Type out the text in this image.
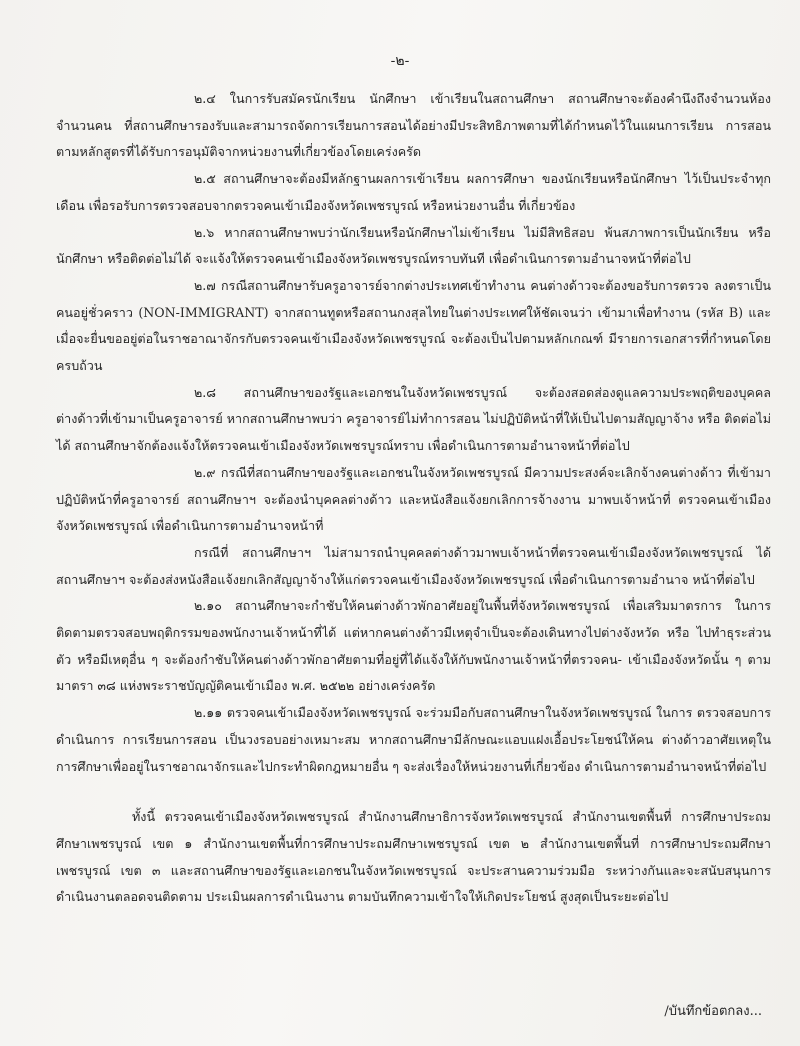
-๒-

๒.๔ ในการรับสมัครนักเรียน นักศึกษา เข้าเรียนในสถานศึกษา สถานศึกษาจะต้องคำนึงถึงจำนวนห้อง จำนวนคน ที่สถานศึกษารองรับและสามารถจัดการเรียนการสอนได้อย่างมีประสิทธิภาพตามที่ได้กำหนดไว้ในแผนการเรียน การสอนตามหลักสูตรที่ได้รับการอนุมัติจากหน่วยงานที่เกี่ยวข้องโดยเคร่งครัด

๒.๕ สถานศึกษาจะต้องมีหลักฐานผลการเข้าเรียน ผลการศึกษา ของนักเรียนหรือนักศึกษา ไว้เป็นประจำทุกเดือน เพื่อรอรับการตรวจสอบจากตรวจคนเข้าเมืองจังหวัดเพชรบูรณ์ หรือหน่วยงานอื่น ที่เกี่ยวข้อง

๒.๖ หากสถานศึกษาพบว่านักเรียนหรือนักศึกษาไม่เข้าเรียน ไม่มีสิทธิสอบ พ้นสภาพการเป็นนักเรียน หรือนักศึกษา หรือติดต่อไม่ได้ จะแจ้งให้ตรวจคนเข้าเมืองจังหวัดเพชรบูรณ์ทราบทันที เพื่อดำเนินการตามอำนาจหน้าที่ต่อไป

๒.๗ กรณีสถานศึกษารับครูอาจารย์จากต่างประเทศเข้าทำงาน คนต่างด้าวจะต้องขอรับการตรวจ ลงตราเป็นคนอยู่ชั่วคราว (NON-IMMIGRANT) จากสถานทูตหรือสถานกงสุลไทยในต่างประเทศให้ชัดเจนว่า เข้ามาเพื่อทำงาน (รหัส B) และเมื่อจะยื่นขออยู่ต่อในราชอาณาจักรกับตรวจคนเข้าเมืองจังหวัดเพชรบูรณ์ จะต้องเป็นไปตามหลักเกณฑ์ มีรายการเอกสารที่กำหนดโดยครบถ้วน

๒.๘ สถานศึกษาของรัฐและเอกชนในจังหวัดเพชรบูรณ์ จะต้องสอดส่องดูแลความประพฤติของบุคคล ต่างด้าวที่เข้ามาเป็นครูอาจารย์ หากสถานศึกษาพบว่า ครูอาจารย์ไม่ทำการสอน ไม่ปฏิบัติหน้าที่ให้เป็นไปตามสัญญาจ้าง หรือ ติดต่อไม่ได้ สถานศึกษาจักต้องแจ้งให้ตรวจคนเข้าเมืองจังหวัดเพชรบูรณ์ทราบ เพื่อดำเนินการตามอำนาจหน้าที่ต่อไป

๒.๙ กรณีที่สถานศึกษาของรัฐและเอกชนในจังหวัดเพชรบูรณ์ มีความประสงค์จะเลิกจ้างคนต่างด้าว ที่เข้ามาปฏิบัติหน้าที่ครูอาจารย์ สถานศึกษาฯ จะต้องนำบุคคลต่างด้าว และหนังสือแจ้งยกเลิกการจ้างงาน มาพบเจ้าหน้าที่ ตรวจคนเข้าเมืองจังหวัดเพชรบูรณ์ เพื่อดำเนินการตามอำนาจหน้าที่

กรณีที่ สถานศึกษาฯ ไม่สามารถนำบุคคลต่างด้าวมาพบเจ้าหน้าที่ตรวจคนเข้าเมืองจังหวัดเพชรบูรณ์ ได้ สถานศึกษาฯ จะต้องส่งหนังสือแจ้งยกเลิกสัญญาจ้างให้แก่ตรวจคนเข้าเมืองจังหวัดเพชรบูรณ์ เพื่อดำเนินการตามอำนาจ หน้าที่ต่อไป

๒.๑๐ สถานศึกษาจะกำชับให้คนต่างด้าวพักอาศัยอยู่ในพื้นที่จังหวัดเพชรบูรณ์ เพื่อเสริมมาตรการ ในการติดตามตรวจสอบพฤติกรรมของพนักงานเจ้าหน้าที่ได้ แต่หากคนต่างด้าวมีเหตุจำเป็นจะต้องเดินทางไปต่างจังหวัด หรือ ไปทำธุระส่วนตัว หรือมีเหตุอื่น ๆ จะต้องกำชับให้คนต่างด้าวพักอาศัยตามที่อยู่ที่ได้แจ้งให้กับพนักงานเจ้าหน้าที่ตรวจคน- เข้าเมืองจังหวัดนั้น ๆ ตามมาตรา ๓๘ แห่งพระราชบัญญัติคนเข้าเมือง พ.ศ. ๒๕๒๒ อย่างเคร่งครัด

๒.๑๑ ตรวจคนเข้าเมืองจังหวัดเพชรบูรณ์ จะร่วมมือกับสถานศึกษาในจังหวัดเพชรบูรณ์ ในการ ตรวจสอบการดำเนินการ การเรียนการสอน เป็นวงรอบอย่างเหมาะสม หากสถานศึกษามีลักษณะแอบแฝงเอื้อประโยชน์ให้คน ต่างด้าวอาศัยเหตุในการศึกษาเพื่ออยู่ในราชอาณาจักรและไปกระทำผิดกฎหมายอื่น ๆ จะส่งเรื่องให้หน่วยงานที่เกี่ยวข้อง ดำเนินการตามอำนาจหน้าที่ต่อไป

ทั้งนี้ ตรวจคนเข้าเมืองจังหวัดเพชรบูรณ์ สำนักงานศึกษาธิการจังหวัดเพชรบูรณ์ สำนักงานเขตพื้นที่ การศึกษาประถมศึกษาเพชรบูรณ์ เขต ๑ สำนักงานเขตพื้นที่การศึกษาประถมศึกษาเพชรบูรณ์ เขต ๒ สำนักงานเขตพื้นที่ การศึกษาประถมศึกษาเพชรบูรณ์ เขต ๓ และสถานศึกษาของรัฐและเอกชนในจังหวัดเพชรบูรณ์ จะประสานความร่วมมือ ระหว่างกันและจะสนับสนุนการดำเนินงานตลอดจนติดตาม ประเมินผลการดำเนินงาน ตามบันทึกความเข้าใจให้เกิดประโยชน์ สูงสุดเป็นระยะต่อไป

/บันทึกข้อตกลง...
